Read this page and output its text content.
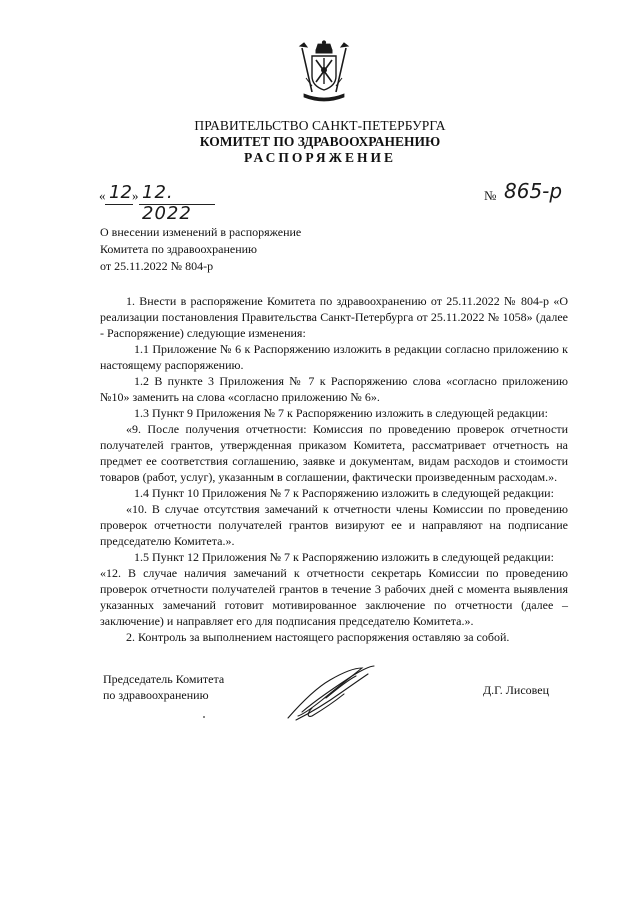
ПРАВИТЕЛЬСТВО САНКТ-ПЕТЕРБУРГА
КОМИТЕТ ПО ЗДРАВООХРАНЕНИЮ
РАСПОРЯЖЕНИЕ
« 12 » 12. 2022
№ 865-р
О внесении изменений в распоряжение
Комитета по здравоохранению
от 25.11.2022 № 804-р

1. Внести в распоряжение Комитета по здравоохранению от 25.11.2022 № 804-р «О реализации постановления Правительства Санкт-Петербурга от 25.11.2022 № 1058» (далее - Распоряжение) следующие изменения:

1.1 Приложение № 6 к Распоряжению изложить в редакции согласно приложению к настоящему распоряжению.

1.2 В пункте 3 Приложения № 7 к Распоряжению слова «согласно приложению №10» заменить на слова «согласно приложению № 6».

1.3 Пункт 9 Приложения № 7 к Распоряжению изложить в следующей редакции:

«9. После получения отчетности: Комиссия по проведению проверок отчетности получателей грантов, утвержденная приказом Комитета, рассматривает отчетность на предмет ее соответствия соглашению, заявке и документам, видам расходов и стоимости товаров (работ, услуг), указанным в соглашении, фактически произведенным расходам.».

1.4 Пункт 10 Приложения № 7 к Распоряжению изложить в следующей редакции:

«10. В случае отсутствия замечаний к отчетности члены Комиссии по проведению проверок отчетности получателей грантов визируют ее и направляют на подписание председателю Комитета.».

1.5 Пункт 12 Приложения № 7 к Распоряжению изложить в следующей редакции:

«12. В случае наличия замечаний к отчетности секретарь Комиссии по проведению проверок отчетности получателей грантов в течение 3 рабочих дней с момента выявления указанных замечаний готовит мотивированное заключение по отчетности (далее – заключение) и направляет его для подписания председателю Комитета.».

2. Контроль за выполнением настоящего распоряжения оставляю за собой.

Председатель Комитета
по здравоохранению	Д.Г. Лисовец
